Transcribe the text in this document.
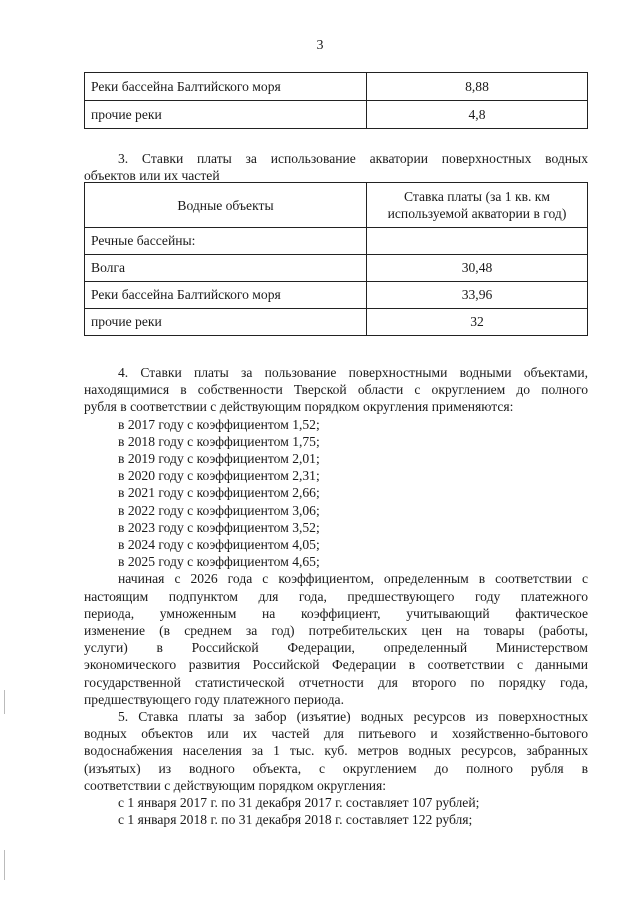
3
Реки бассейна Балтийского моря	8,88
прочие реки	4,8
3. Ставки платы за использование акватории поверхностных водных
объектов или их частей
Водные объекты	Ставка платы (за 1 кв. км
используемой акватории в год)

Речные бассейны:	
Волга	30,48
Реки бассейна Балтийского моря	33,96
прочие реки	32
4. Ставки платы за пользование поверхностными водными объектами,
находящимися в собственности Тверской области с округлением до полного
рубля в соответствии с действующим порядком округления применяются:
в 2017 году с коэффициентом 1,52;
в 2018 году с коэффициентом 1,75;
в 2019 году с коэффициентом 2,01;
в 2020 году с коэффициентом 2,31;
в 2021 году с коэффициентом 2,66;
в 2022 году с коэффициентом 3,06;
в 2023 году с коэффициентом 3,52;
в 2024 году с коэффициентом 4,05;
в 2025 году с коэффициентом 4,65;
начиная с 2026 года с коэффициентом, определенным в соответствии с
настоящим подпунктом для года, предшествующего году платежного
периода, умноженным на коэффициент, учитывающий фактическое
изменение (в среднем за год) потребительских цен на товары (работы,
услуги) в Российской Федерации, определенный Министерством
экономического развития Российской Федерации в соответствии с данными
государственной статистической отчетности для второго по порядку года,
предшествующего году платежного периода.
5. Ставка платы за забор (изъятие) водных ресурсов из поверхностных
водных объектов или их частей для питьевого и хозяйственно-бытового
водоснабжения населения за 1 тыс. куб. метров водных ресурсов, забранных
(изъятых) из водного объекта, с округлением до полного рубля в
соответствии с действующим порядком округления:
с 1 января 2017 г. по 31 декабря 2017 г. составляет 107 рублей;
с 1 января 2018 г. по 31 декабря 2018 г. составляет 122 рубля;
